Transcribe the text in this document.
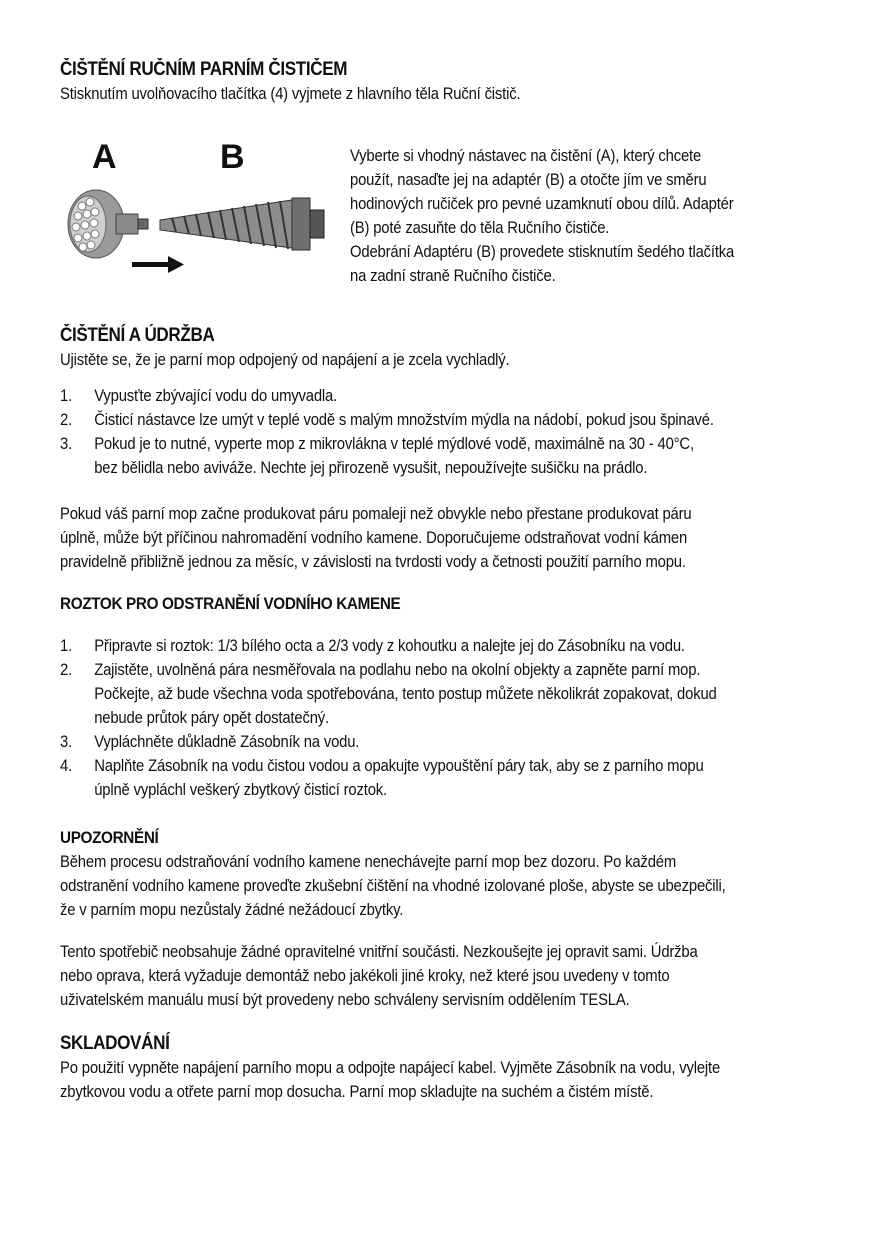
ČIŠTĚNÍ RUČNÍM PARNÍM ČISTIČEM
Stisknutím uvolňovacího tlačítka (4) vyjmete z hlavního těla Ruční čistič.
A	B	Vyberte si vhodný nástavec na čistění (A), který chcete
použít, nasaďte jej na adaptér (B) a otočte jím ve směru
hodinových ručiček pro pevné uzamknutí obou dílů. Adaptér
(B) poté zasuňte do těla Ručního čističe.
Odebrání Adaptéru (B) provedete stisknutím šedého tlačítka
na zadní straně Ručního čističe.
ČIŠTĚNÍ A ÚDRŽBA
Ujistěte se, že je parní mop odpojený od napájení a je zcela vychladlý.
1.	Vypusťte zbývající vodu do umyvadla.
2.	Čisticí nástavce lze umýt v teplé vodě s malým množstvím mýdla na nádobí, pokud jsou špinavé.
3.	Pokud je to nutné, vyperte mop z mikrovlákna v teplé mýdlové vodě, maximálně na 30 - 40°C,
bez bělidla nebo aviváže. Nechte jej přirozeně vysušit, nepoužívejte sušičku na prádlo.
Pokud váš parní mop začne produkovat páru pomaleji než obvykle nebo přestane produkovat páru
úplně, může být příčinou nahromadění vodního kamene. Doporučujeme odstraňovat vodní kámen
pravidelně přibližně jednou za měsíc, v závislosti na tvrdosti vody a četnosti použití parního mopu.
ROZTOK PRO ODSTRANĚNÍ VODNÍHO KAMENE
1.	Připravte si roztok: 1/3 bílého octa a 2/3 vody z kohoutku a nalejte jej do Zásobníku na vodu.
2.	Zajistěte, uvolněná pára nesměřovala na podlahu nebo na okolní objekty a zapněte parní mop.
Počkejte, až bude všechna voda spotřebována, tento postup můžete několikrát zopakovat, dokud
nebude průtok páry opět dostatečný.
3.	Vypláchněte důkladně Zásobník na vodu.
4.	Naplňte Zásobník na vodu čistou vodou a opakujte vypouštění páry tak, aby se z parního mopu
úplně vypláchl veškerý zbytkový čisticí roztok.
UPOZORNĚNÍ
Během procesu odstraňování vodního kamene nenechávejte parní mop bez dozoru. Po každém
odstranění vodního kamene proveďte zkušební čištění na vhodné izolované ploše, abyste se ubezpečili,
že v parním mopu nezůstaly žádné nežádoucí zbytky.
Tento spotřebič neobsahuje žádné opravitelné vnitřní součásti. Nezkoušejte jej opravit sami. Údržba
nebo oprava, která vyžaduje demontáž nebo jakékoli jiné kroky, než které jsou uvedeny v tomto
uživatelském manuálu musí být provedeny nebo schváleny servisním oddělením TESLA.
SKLADOVÁNÍ
Po použití vypněte napájení parního mopu a odpojte napájecí kabel. Vyjměte Zásobník na vodu, vylejte
zbytkovou vodu a otřete parní mop dosucha. Parní mop skladujte na suchém a čistém místě.
